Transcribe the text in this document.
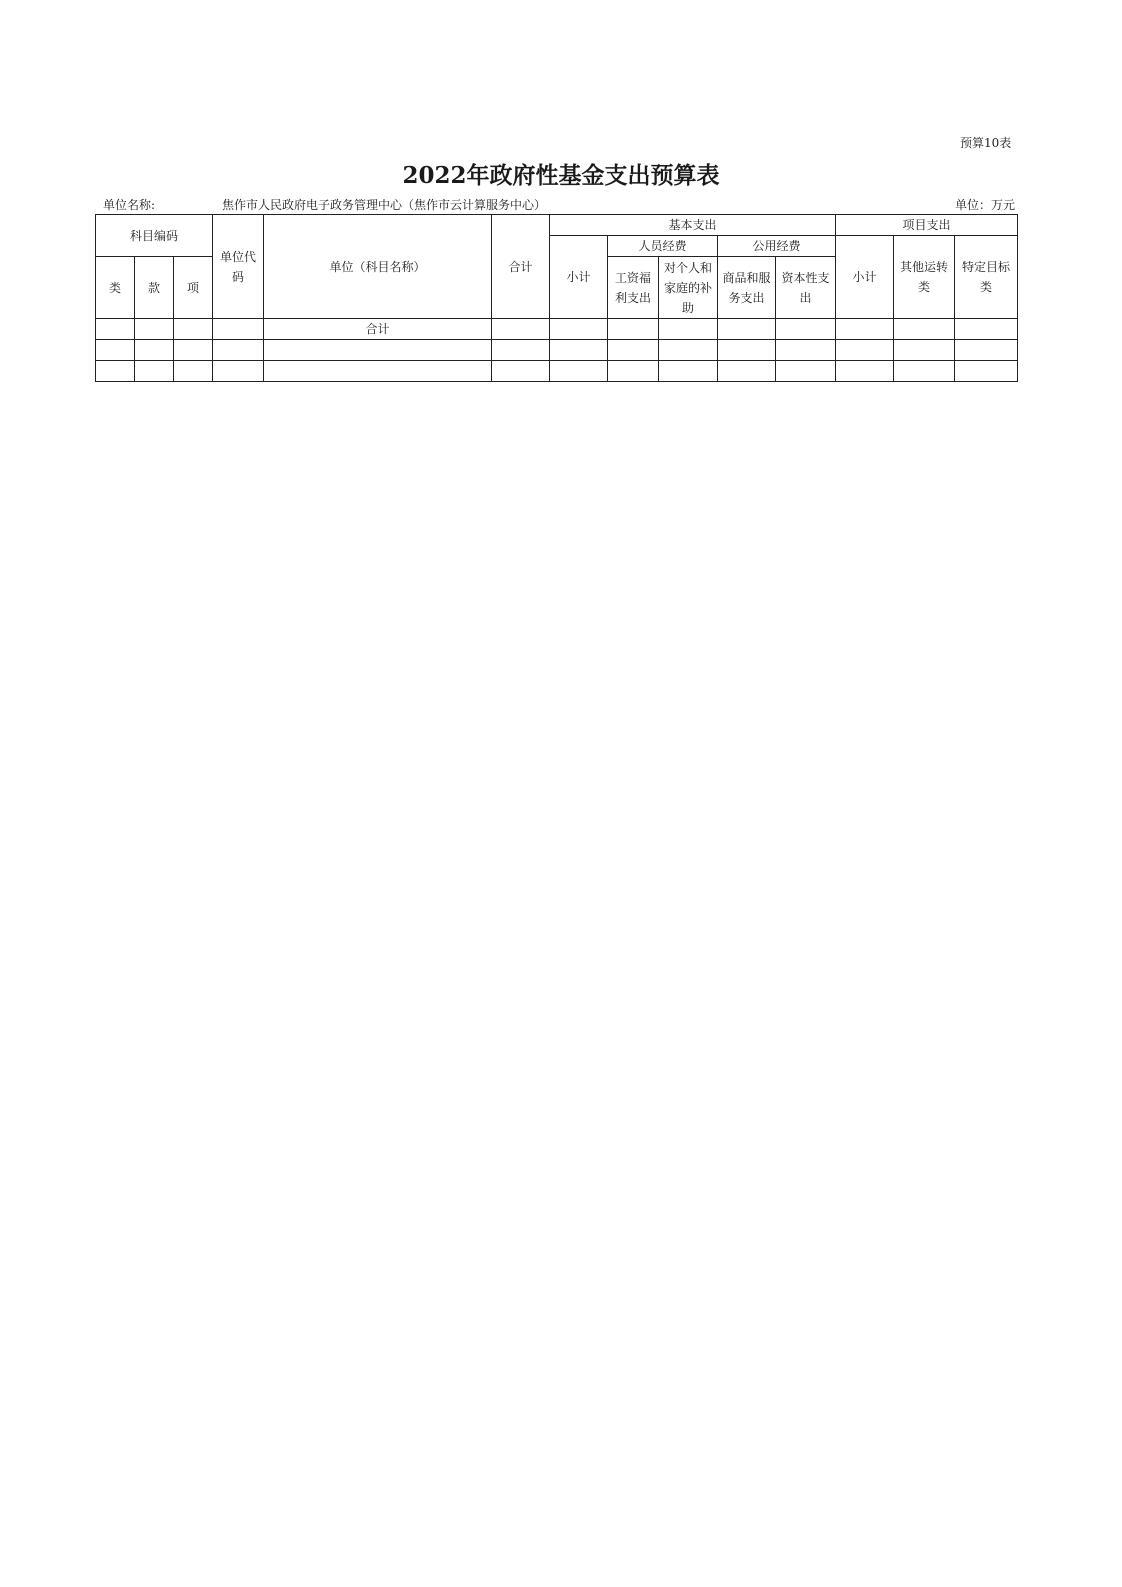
预算10表
2022年政府性基金支出预算表
单位名称:	焦作市人民政府电子政务管理中心（焦作市云计算服务中心）	单位：万元
科目编码			单位代码	单位（科目名称）	合计	基本支出					项目支出		
						小计	人员经费		公用经费		小计	其他运转类	特定目标类
类	款	项					工资福利支出	对个人和家庭的补助	商品和服务支出	资本性支出			
				合计									
